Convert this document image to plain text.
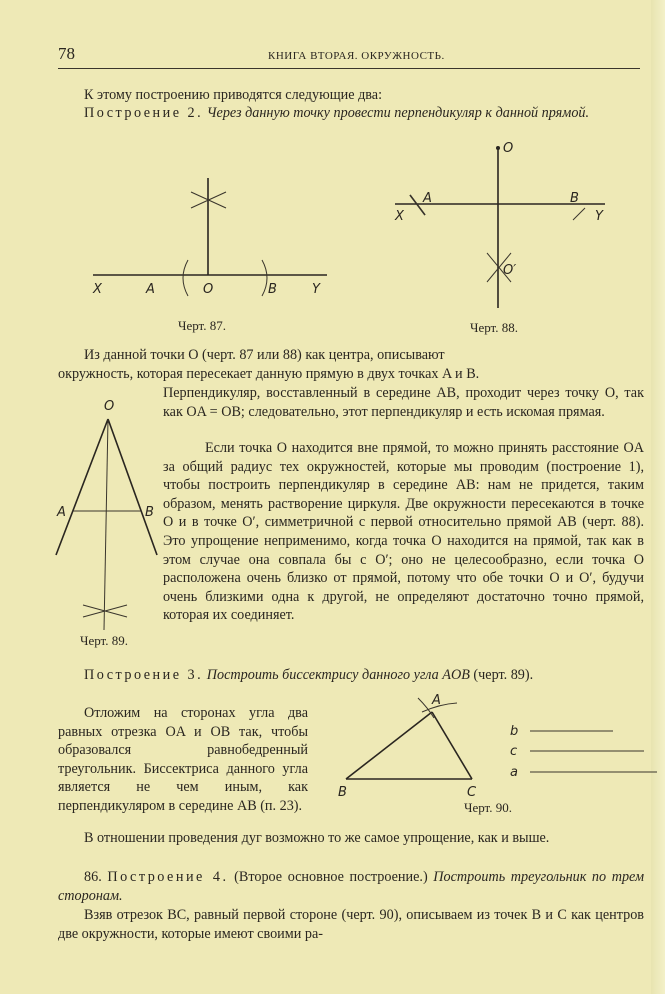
78	КНИГА ВТОРАЯ. ОКРУЖНОСТЬ.
К этому построению приводятся следующие два:
Построение 2. Через данную точку провести перпендикуляр к данной прямой.
X	A	O	B	Y
Черт. 87.
O
A	B
X	Y
O′
Черт. 88.
Из данной точки O (черт. 87 или 88) как центра, описывают
окружность, которая пересекает данную прямую в двух точках A и B.
Перпендикуляр, восставленный в середине AB, проходит через точку O, так как OA = OB; следовательно, этот перпендикуляр и есть искомая прямая.
O
A	B
Черт. 89.
Если точка O находится вне прямой, то можно принять расстояние OA за общий радиус тех окружностей, которые мы проводим (построение 1), чтобы построить перпендикуляр в середине AB: нам не придется, таким образом, менять растворение циркуля. Две окружности пересекаются в точке O и в точке O′, симметричной с первой относительно прямой AB (черт. 88). Это упрощение неприменимо, когда точка O находится на прямой, так как в этом случае она совпала бы с O′; оно не целесообразно, если точка O расположена очень близко от прямой, потому что обе точки O и O′, будучи очень близкими одна к другой, не определяют достаточно точно прямой, которая их соединяет.
Построение 3. Построить биссектрису данного угла AOB (черт. 89).
Отложим на сторонах угла два равных отрезка OA и OB так, чтобы образовался равнобедренный треугольник. Биссектриса данного угла является не чем иным, как перпендикуляром в середине AB (п. 23).
A
B	C
b
c
a
Черт. 90.
В отношении проведения дуг возможно то же самое упрощение, как и выше.
86. Построение 4. (Второе основное построение.) Построить треугольник по трем сторонам.
Взяв отрезок BC, равный первой стороне (черт. 90), описываем из точек B и C как центров две окружности, которые имеют своими ра-
